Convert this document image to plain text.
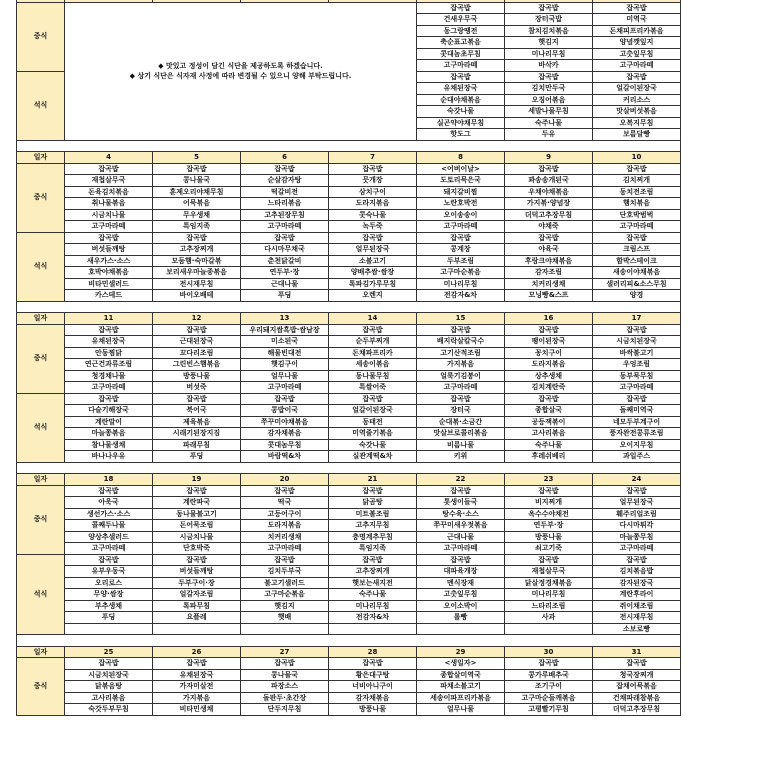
중식	◆ 맛있고 정성이 담긴 식단을 제공하도록 하겠습니다.
◆ 상기 식단은 식자재 사정에 따라 변경될 수 있으니 양해 부탁드립니다.				잡곡밥	잡곡밥	잡곡밥
					건새우무국	장터국밥	미역국
					동그랑땡전	참치김치볶음	돈채피프리카볶음
					축순표고볶음	햇김지	양념깻잎지
					콧대놈초무침	미나리무침	고춧잎무침
					고구마라떼	바삭카	고구마라떼
석식					잡곡밥	잡곡밥	잡곡밥
					유채된장국	김치만두국	얼갈이된장국
					순대야채볶음	오징어볶음	커리소스
					숙갓나물	세발나물무침	맛살버섯볶음
					실곤약야채무침	숙주나물	오복지무침
					핫도그	두유	보름달빵

일자	4	5	6	7	8	9	10
중식	잡곡밥	잡곡밥	잡곡밥	잡곡밥	<어버이날>	잡곡밥	잡곡밥
	재첩살무국	콩나물국	순살감자탕	뭇개장	도토리묵은국	꽈송송개된국	김치찌개
	돈육김치볶음	훈제오리야채무침	떡갈비전	삼치구이	돼지갈비찜	우채야채볶음	동치전조림
	취나물볶음	어묵볶음	느타리볶음	도라지볶음	노란호박전	가지볶·양념장	햄치볶음
	시금치나물	무우생채	고추된장무침	콧숙나물	오이송송이	더덕고추장무침	단호박범벅
	고구마라떼	특임지족	고구마라떼	녹두죽	고구마라떼	야채죽	고구마라떼
석식	잡곡밥	잡곡밥	잡곡밥	잡곡밥	잡곡밥	잡곡밥	잡곡밥
	버섯들깨탕	고추장찌개	다시마무채국	얼무된장국	콩계장	야육국	크림스프
	새우가스·소스	모둠햄·숙마갈볶	춘천닭갈비	소불고기	두부조림	후랑크야채볶음	함박스테이크
	호박야채볶음	보리새우마늘종볶음	연두부·장	양배추쌈·쌈장	고구마순볶음	감자조림	새송이야채볶음
	비타민샐러드	전시재무침	근대나물	톡파김가루무침	미나리무침	치커리생채	샐러리피&소스무침
	카스테드	바이오배테	푸딩	오렌지	전감자&차	모닝빵&스프	양경

일자	11	12	13	14	15	16	17
중식	잡곡밥	잡곡밥	우리돼지쌈흑밥·쌈남장	잡곡밥	잡곡밥	잡곡밥	잡곡밥
	유채된장국	근대된장국	미소된국	순두부찌개	배지락살칼국수	팽이된장국	시금치된장국
	안동찜닭	꼬다리조림	해물빈대전	돈채파프리카	고기산적조림	꽁치구이	바싹불고기
	연근건과류조림	그린빈스햄볶음	햇김구이	세송이볶음	가지볶음	도라지볶음	우엉조림
	청경채나물	방풍나물	얼무나물	동나물무침	얼룩기김봉이	상추생채	동부묵무침
	고구마라떼	버섯죽	고구마라떼	특쌀어죽	고구마라떼	김치계란죽	고구마라떼
석식	잡곡밥	잡곡밥	잡곡밥	잡곡밥	잡곡밥	잡곡밥	잡곡밥
	다슬기해장국	북어국	콩밥이국	얼갈이된장국	장터국	종합살국	돌째미역국
	계란말이	제육볶음	쭈꾸미야채볶음	동태전	순대볶·소금간	공등잭볶이	네모두부계구이
	마늘쫑볶음	시래기된장지짐	감자채볶음	미역줄기볶음	맛살브로콜리볶음	고사리볶음	풍자완전콩류조림
	참나물생채	파래무침	콧대놈무침	숙갓나물	비름나물	숙주나물	오이지무침
	바나나우유	푸딩	바람떡&차	실관계떡&차	키위	후레쉬베리	과일주스

일자	18	19	20	21	22	23	24
중식	잡곡밥	잡곡밥	잡곡밥	잡곡밥	잡곡밥	잡곡밥	잡곡밥
	아욱국	계란파국	떡국	닭곰탕	톳생이들국	비지찌개	얼무된장국
	생선가스·소스	동나물불고기	고등어구이	미트볼조림	탕수육·소스	옥수수야채전	훼주리얼조림
	콜째두나물	돈어묵조림	도라지볶음	고추지무침	쭈꾸미새우젓볶음	연두부·장	다시마튀각
	양상추샐러드	시금치나물	치커리생채	충명계추무침	근대나물	방풍나물	마늘쫑무침
	고구마라떼	단호박죽	고구마라떼	특임지족	고구마라떼	쇠고기죽	고구마라떼
석식	잡곡밥	잡곡밥	잡곡밥	잡곡밥	잡곡밥	잡곡밥	잡곡밥
	유부우동국	버섯들깨탕	김치두부국	고추장찌개	대파육개장	재첩살무국	김치볶음밥
	오리로스	두부구이·장	불고기샐러드	햇보는새지전	멘식장재	닭살정경채볶음	감자된장국
	무양·쌈장	얼갈자조림	고구마순볶음	숙주나물	고춧잎무침	미나리무침	계란후라이
	부추생채	톡파무침	햇김지	미나리무침	오이소박이	느타리조림	쥐이채조림
	푸딩	요플레	햇배	전감자&차	롤빵	사과	전시재무침
							소보로빵

일자	25	26	27	28	29	30	31
중식	잡곡밥	잡곡밥	잡곡밥	잡곡밥	<생일자>	잡곡밥	잡곡밥
	시금치된장국	유채된장국	콩나물국	황은대구탕	종합살미역국	콩가루배추국	청국장찌개
	닭볶음탕	가자미살전	파장소스	너비아니구이	파채소불고기	조기구이	잡채어묵볶음
	고사리볶음	가지볶음	돌판두·초간장	감자채볶음	세송이파프리카볶음	고구마순들깨볶음	건채파래참볶음
	숙갓두부무침	비타민생채	단두지무침	방풍나물	얼무나물	고평빨기무침	더덕고추장무침
